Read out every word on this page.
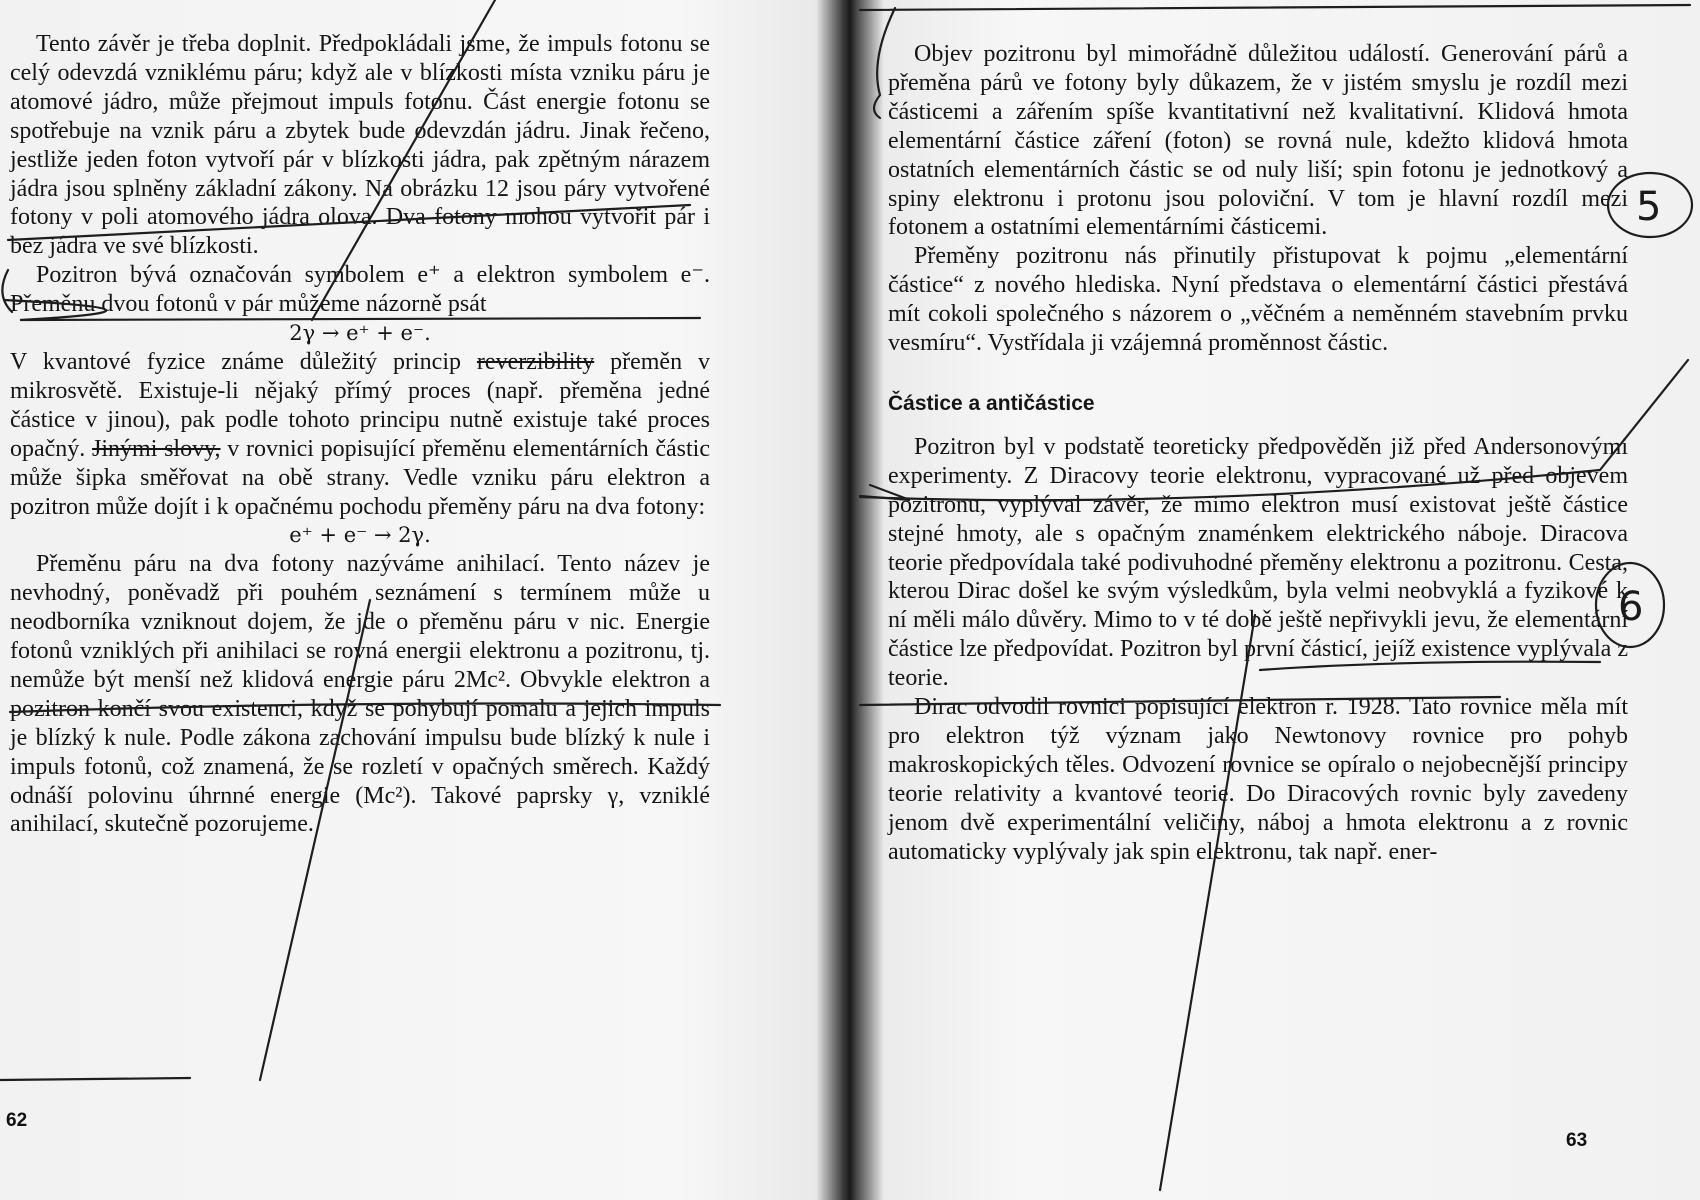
Tento závěr je třeba doplnit. Předpokládali jsme, že impuls fotonu se celý odevzdá vzniklému páru; když ale v blízkosti místa vzniku páru je atomové jádro, může přejmout impuls fotonu. Část energie fotonu se spotřebuje na vznik páru a zbytek bude odevzdán jádru. Jinak řečeno, jestliže jeden foton vytvoří pár v blízkosti jádra, pak zpětným nárazem jádra jsou splněny základní zákony. Na obrázku 12 jsou páry vytvořené fotony v poli atomového jádra olova. Dva fotony mohou vytvořit pár i bez jádra ve své blízkosti.

Pozitron bývá označován symbolem e⁺ a elektron symbolem e⁻. Přeměnu dvou fotonů v pár můžeme názorně psát

2γ → e⁺ + e⁻.

V kvantové fyzice známe důležitý princip reverzibility přeměn v mikrosvětě. Existuje-li nějaký přímý proces (např. přeměna jedné částice v jinou), pak podle tohoto principu nutně existuje také proces opačný. Jinými slovy, v rovnici popisující přeměnu elementárních částic může šipka směřovat na obě strany. Vedle vzniku páru elektron a pozitron může dojít i k opačnému pochodu přeměny páru na dva fotony:

e⁺ + e⁻ → 2γ.

Přeměnu páru na dva fotony nazýváme anihilací. Tento název je nevhodný, poněvadž při pouhém seznámení s termínem může u neodborníka vzniknout dojem, že jde o přeměnu páru v nic. Energie fotonů vzniklých při anihilaci se rovná energii elektronu a pozitronu, tj. nemůže být menší než klidová energie páru 2Mc². Obvykle elektron a pozitron končí svou existenci, když se pohybují pomalu a jejich impuls je blízký k nule. Podle zákona zachování impulsu bude blízký k nule i impuls fotonů, což znamená, že se rozletí v opačných směrech. Každý odnáší polovinu úhrnné energie (Mc²). Takové paprsky γ, vzniklé anihilací, skutečně pozorujeme.

62

Objev pozitronu byl mimořádně důležitou událostí. Generování párů a přeměna párů ve fotony byly důkazem, že v jistém smyslu je rozdíl mezi částicemi a zářením spíše kvantitativní než kvalitativní. Klidová hmota elementární částice záření (foton) se rovná nule, kdežto klidová hmota ostatních elementárních částic se od nuly liší; spin fotonu je jednotkový a spiny elektronu i protonu jsou poloviční. V tom je hlavní rozdíl mezi fotonem a ostatními elementárními částicemi.

Přeměny pozitronu nás přinutily přistupovat k pojmu „elementární částice“ z nového hlediska. Nyní představa o elementární částici přestává mít cokoli společného s názorem o „věčném a neměnném stavebním prvku vesmíru“. Vystřídala ji vzájemná proměnnost částic.

Částice a antičástice

Pozitron byl v podstatě teoreticky předpověděn již před Andersonovými experimenty. Z Diracovy teorie elektronu, vypracované už před objevem pozitronu, vyplýval závěr, že mimo elektron musí existovat ještě částice stejné hmoty, ale s opačným znaménkem elektrického náboje. Diracova teorie předpovídala také podivuhodné přeměny elektronu a pozitronu. Cesta, kterou Dirac došel ke svým výsledkům, byla velmi neobvyklá a fyzikové k ní měli málo důvěry. Mimo to v té době ještě nepřivykli jevu, že elementární částice lze předpovídat. Pozitron byl první částicí, jejíž existence vyplývala z teorie.

Dirac odvodil rovnici popisující elektron r. 1928. Tato rovnice měla mít pro elektron týž význam jako Newtonovy rovnice pro pohyb makroskopických těles. Odvození rovnice se opíralo o nejobecnější principy teorie relativity a kvantové teorie. Do Diracových rovnic byly zavedeny jenom dvě experimentální veličiny, náboj a hmota elektronu a z rovnic automaticky vyplývaly jak spin elektronu, tak např. ener-

63
5
6
